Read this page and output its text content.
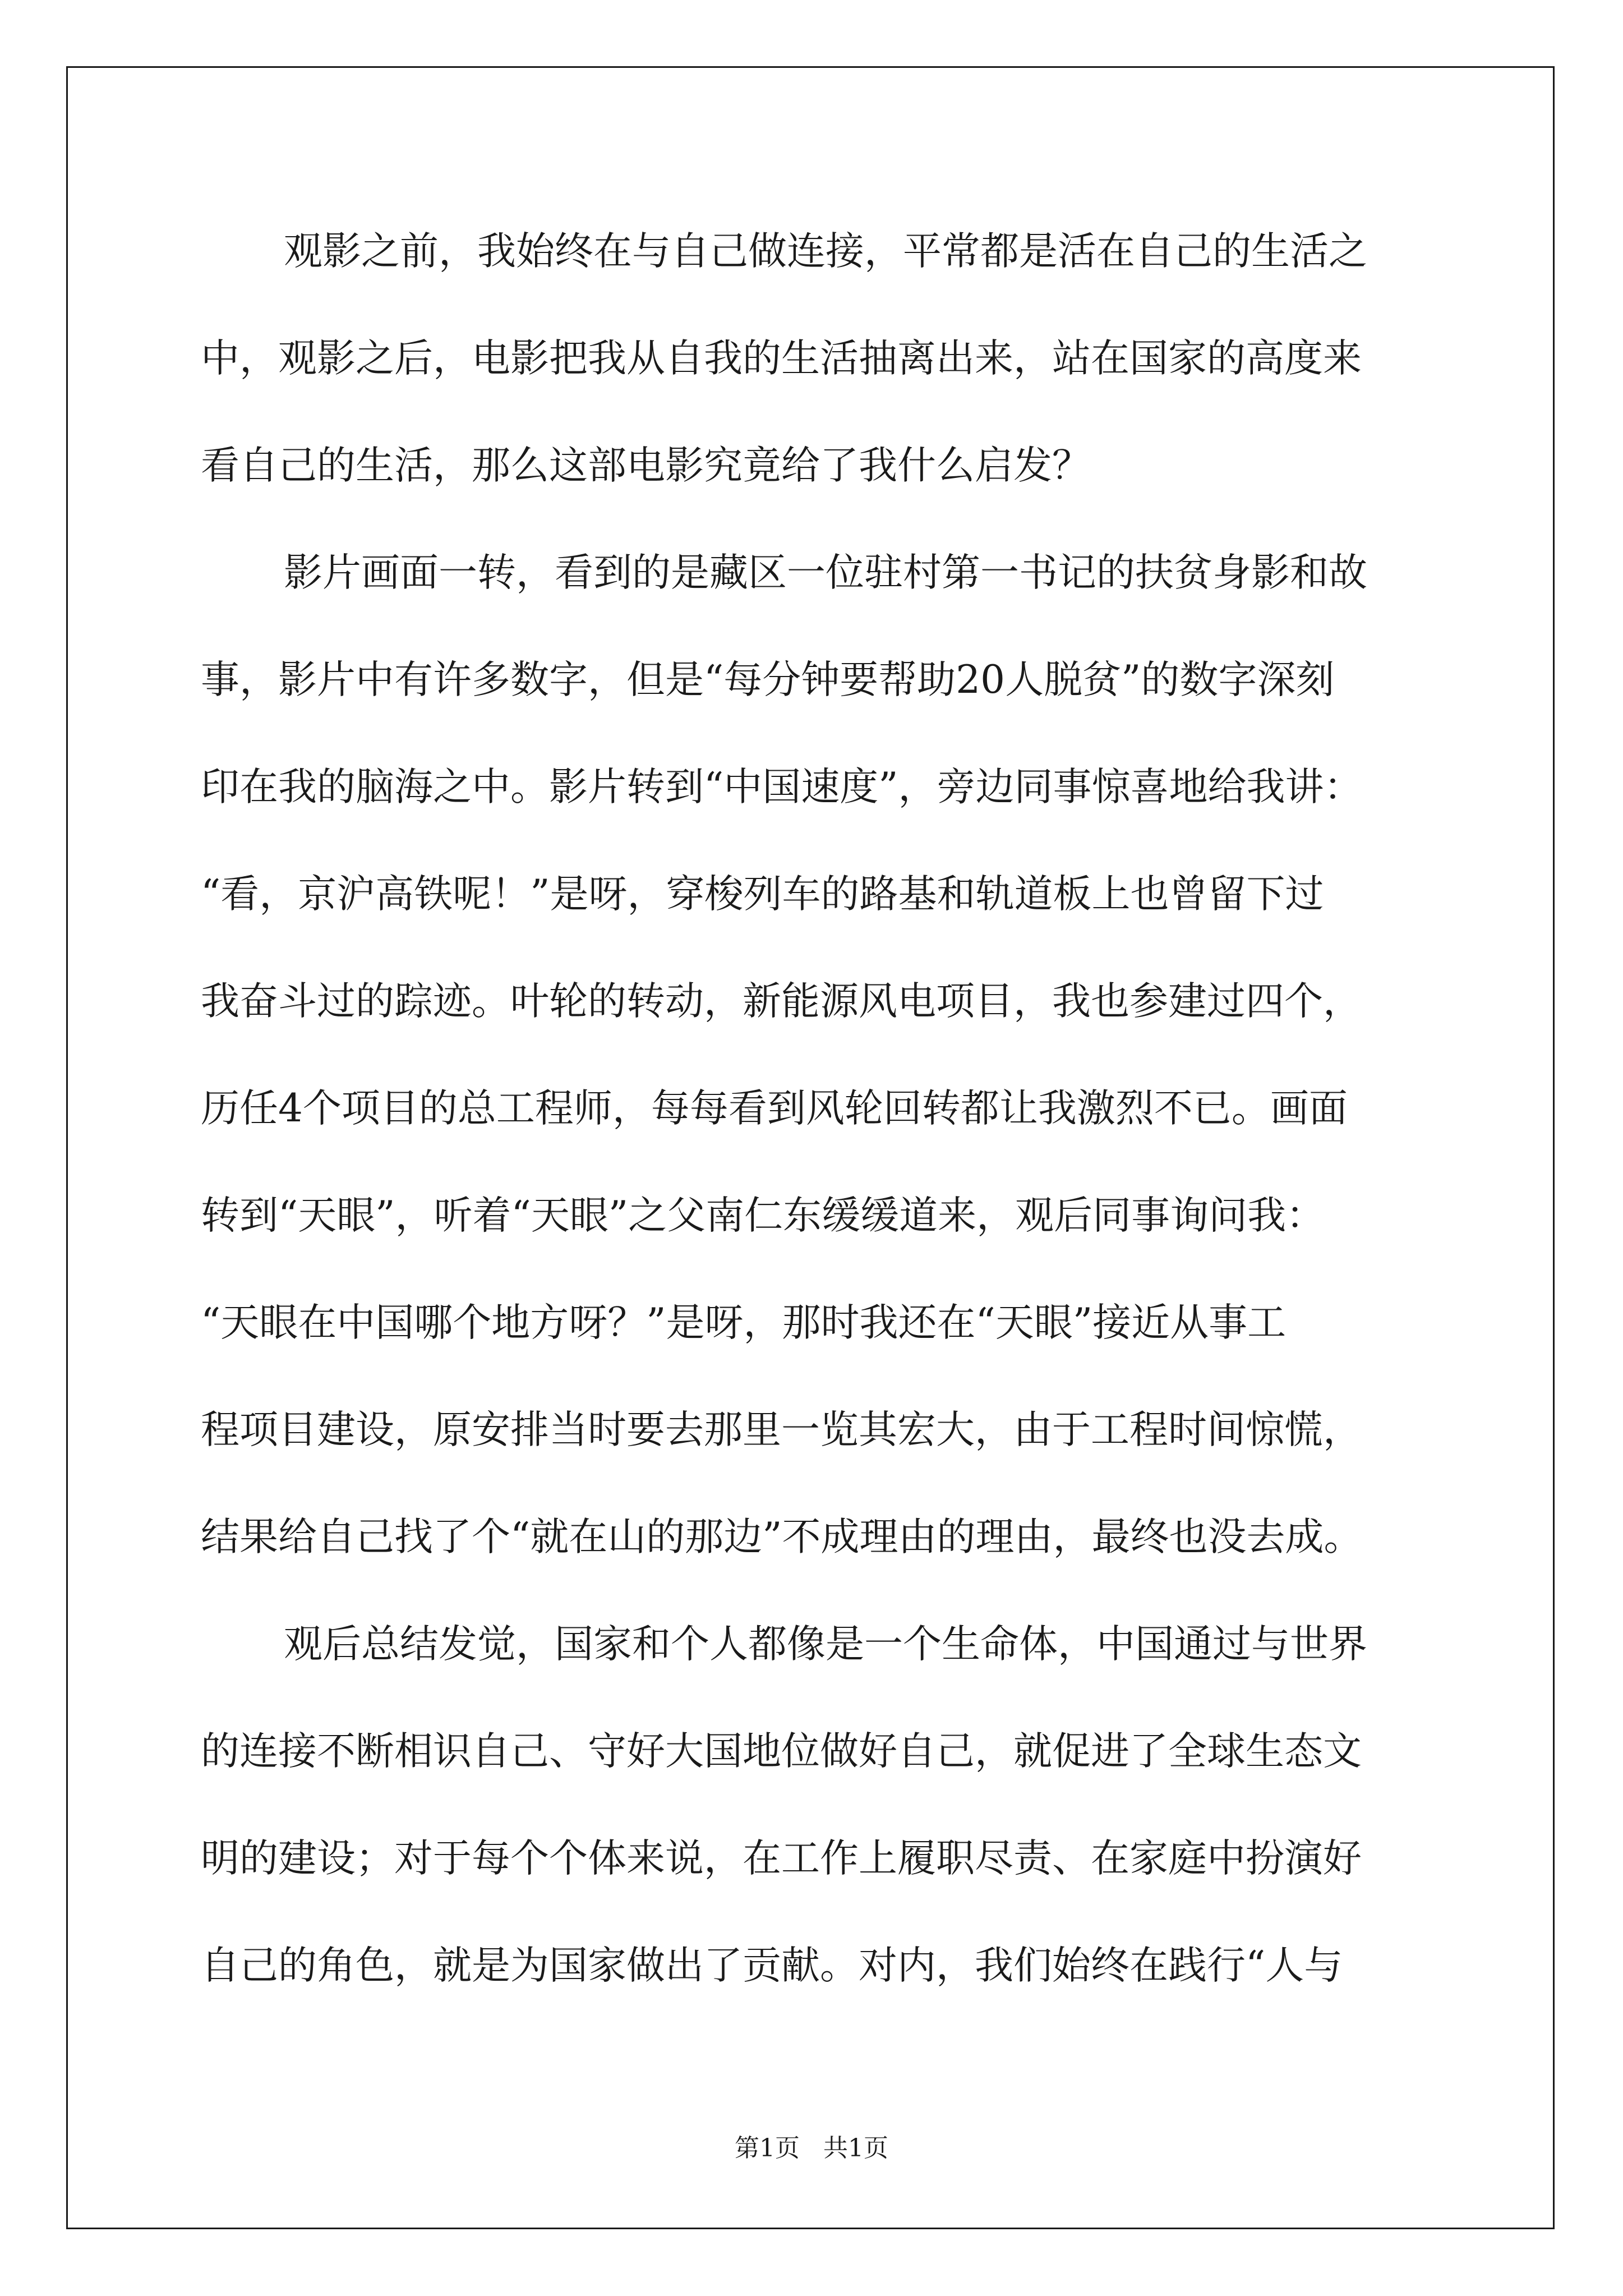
观影之前，我始终在与自己做连接，平常都是活在自己的生活之
中，观影之后，电影把我从自我的生活抽离出来，站在国家的高度来
看自己的生活，那么这部电影究竟给了我什么启发？
影片画面一转，看到的是藏区一位驻村第一书记的扶贫身影和故
事，影片中有许多数字，但是“每分钟要帮助20人脱贫”的数字深刻
印在我的脑海之中。影片转到“中国速度”，旁边同事惊喜地给我讲：
“看，京沪高铁呢！”是呀，穿梭列车的路基和轨道板上也曾留下过
我奋斗过的踪迹。叶轮的转动，新能源风电项目，我也参建过四个，
历任4个项目的总工程师，每每看到风轮回转都让我激烈不已。画面
转到“天眼”，听着“天眼”之父南仁东缓缓道来，观后同事询问我：
“天眼在中国哪个地方呀？”是呀，那时我还在“天眼”接近从事工
程项目建设，原安排当时要去那里一览其宏大，由于工程时间惊慌，
结果给自己找了个“就在山的那边”不成理由的理由，最终也没去成。
观后总结发觉，国家和个人都像是一个生命体，中国通过与世界
的连接不断相识自己、守好大国地位做好自己，就促进了全球生态文
明的建设；对于每个个体来说，在工作上履职尽责、在家庭中扮演好
自己的角色，就是为国家做出了贡献。对内，我们始终在践行“人与
第1页 共1页
